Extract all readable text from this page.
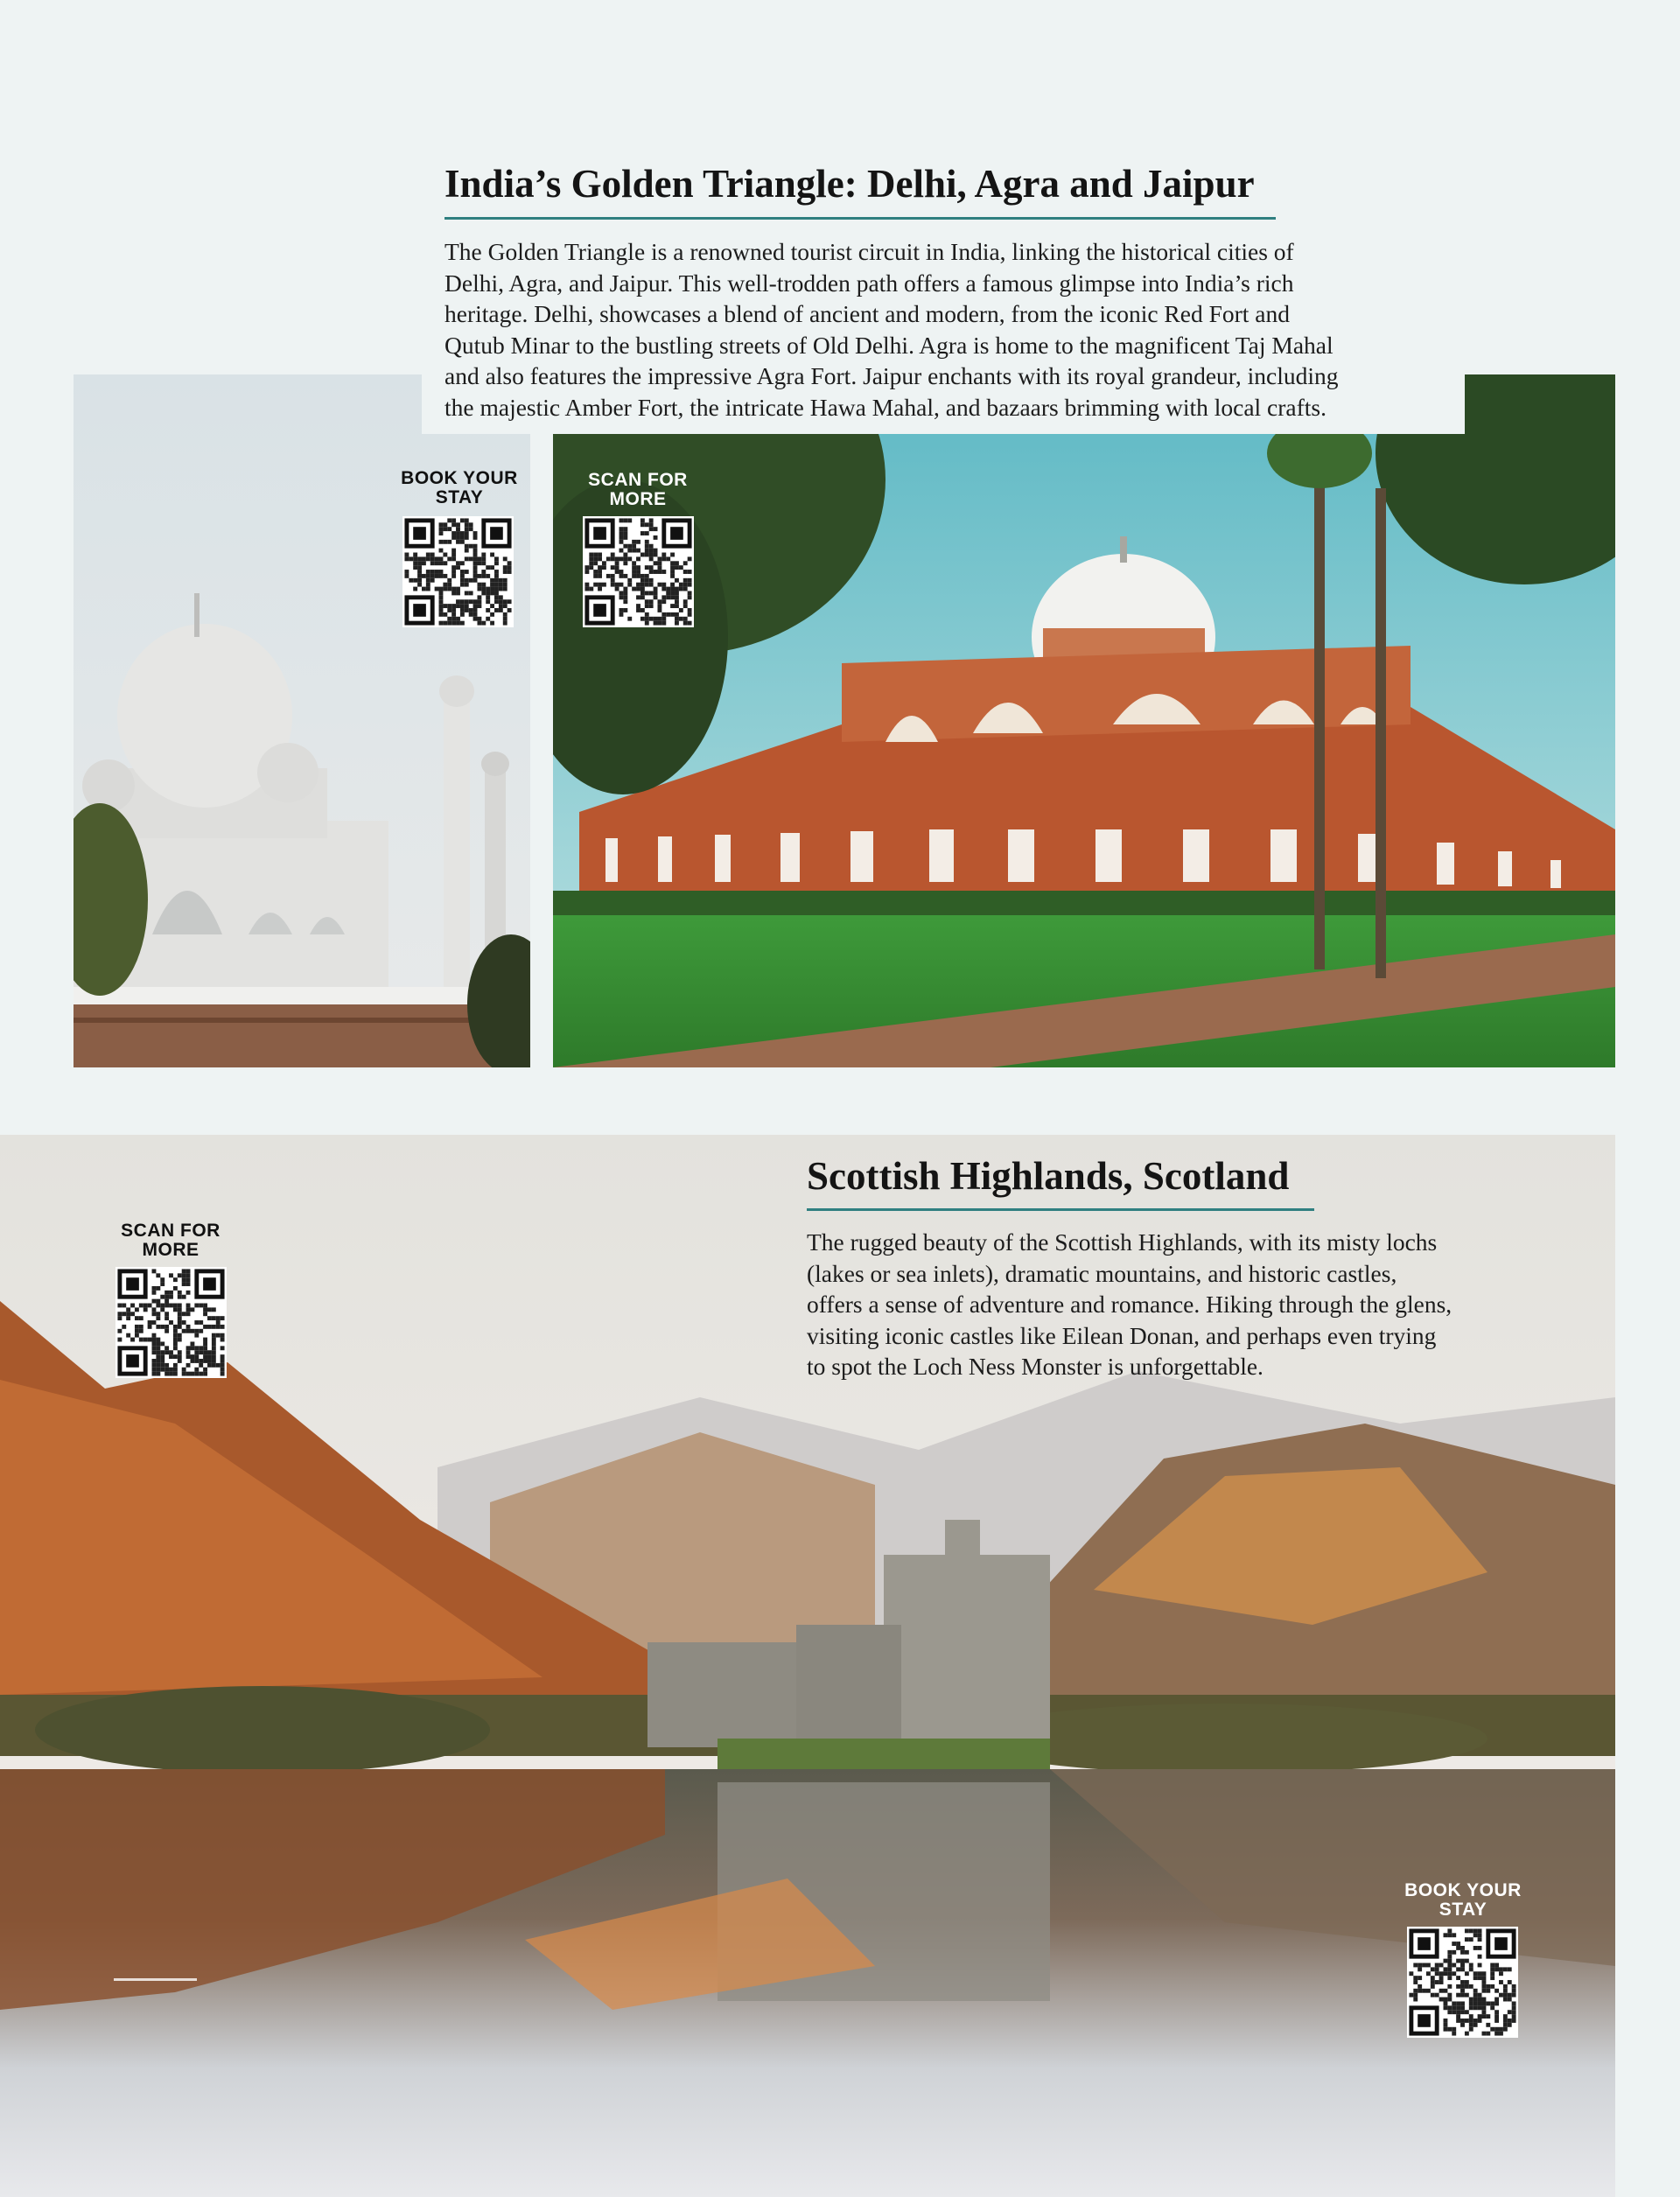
India’s Golden Triangle: Delhi, Agra and Jaipur
The Golden Triangle is a renowned tourist circuit in India, linking the historical cities of
Delhi, Agra, and Jaipur. This well-trodden path offers a famous glimpse into India’s rich
heritage. Delhi, showcases a blend of ancient and modern, from the iconic Red Fort and
Qutub Minar to the bustling streets of Old Delhi. Agra is home to the magnificent Taj Mahal
and also features the impressive Agra Fort. Jaipur enchants with its royal grandeur, including
the majestic Amber Fort, the intricate Hawa Mahal, and bazaars brimming with local crafts.
BOOK YOUR
STAY
SCAN FOR
MORE
Scottish Highlands, Scotland
The rugged beauty of the Scottish Highlands, with its misty lochs
(lakes or sea inlets), dramatic mountains, and historic castles,
offers a sense of adventure and romance. Hiking through the glens,
visiting iconic castles like Eilean Donan, and perhaps even trying
to spot the Loch Ness Monster is unforgettable.
SCAN FOR
MORE
BOOK YOUR
STAY
